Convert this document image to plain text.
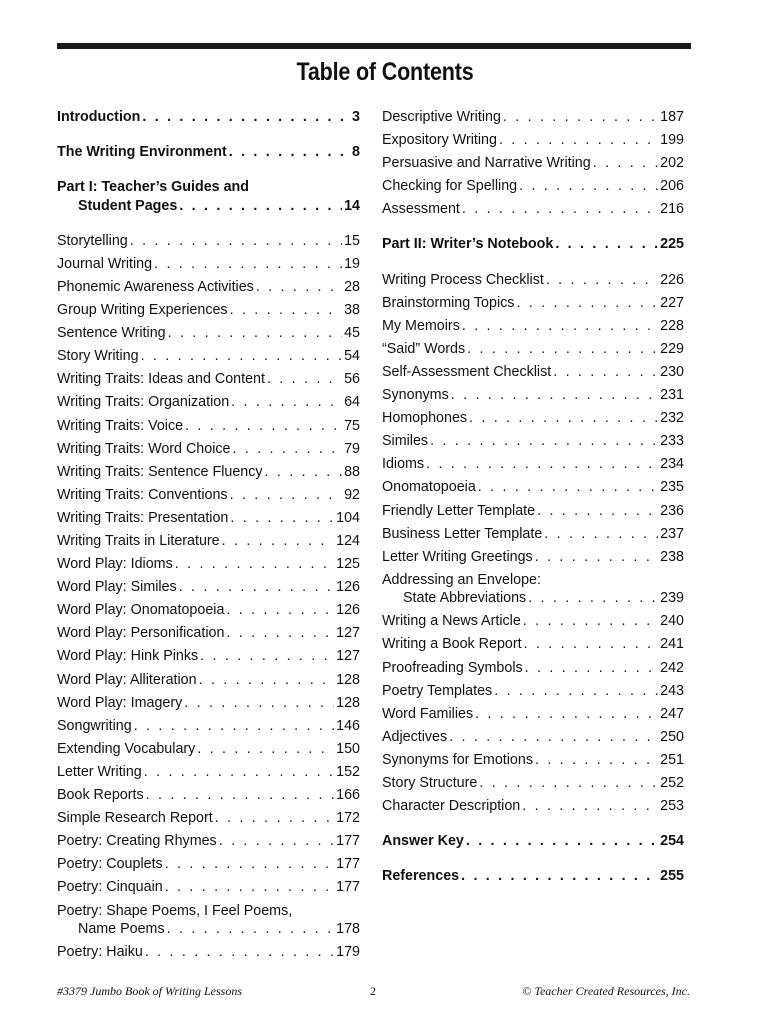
Table of Contents
Introduction . . .	3
The Writing Environment . . .	8
Part I: Teacher’s Guides and
Student Pages . . .	14
Storytelling . . .	15
Journal Writing . . .	19
Phonemic Awareness Activities . . .	28
Group Writing Experiences . . .	38
Sentence Writing . . .	45
Story Writing . . .	54
Writing Traits: Ideas and Content . . .	56
Writing Traits: Organization . . .	64
Writing Traits: Voice . . .	75
Writing Traits: Word Choice . . .	79
Writing Traits: Sentence Fluency . . .	88
Writing Traits: Conventions . . .	92
Writing Traits: Presentation . . .	104
Writing Traits in Literature . . .	124
Word Play: Idioms . . .	125
Word Play: Similes . . .	126
Word Play: Onomatopoeia . . .	126
Word Play: Personification . . .	127
Word Play: Hink Pinks . . .	127
Word Play: Alliteration . . .	128
Word Play: Imagery . . .	128
Songwriting . . .	146
Extending Vocabulary . . .	150
Letter Writing . . .	152
Book Reports . . .	166
Simple Research Report . . .	172
Poetry: Creating Rhymes . . .	177
Poetry: Couplets . . .	177
Poetry: Cinquain . . .	177
Poetry: Shape Poems, I Feel Poems,
Name Poems . . .	178
Poetry: Haiku . . .	179
Descriptive Writing . . .	187
Expository Writing . . .	199
Persuasive and Narrative Writing . . .	202
Checking for Spelling . . .	206
Assessment . . .	216
Part II: Writer’s Notebook . . .	225
Writing Process Checklist . . .	226
Brainstorming Topics . . .	227
My Memoirs . . .	228
“Said” Words . . .	229
Self-Assessment Checklist . . .	230
Synonyms . . .	231
Homophones . . .	232
Similes . . .	233
Idioms . . .	234
Onomatopoeia . . .	235
Friendly Letter Template . . .	236
Business Letter Template . . .	237
Letter Writing Greetings . . .	238
Addressing an Envelope:
State Abbreviations . . .	239
Writing a News Article . . .	240
Writing a Book Report . . .	241
Proofreading Symbols . . .	242
Poetry Templates . . .	243
Word Families . . .	247
Adjectives . . .	250
Synonyms for Emotions . . .	251
Story Structure . . .	252
Character Description . . .	253
Answer Key . . .	254
References . . .	255
#3379 Jumbo Book of Writing Lessons	2	© Teacher Created Resources, Inc.
